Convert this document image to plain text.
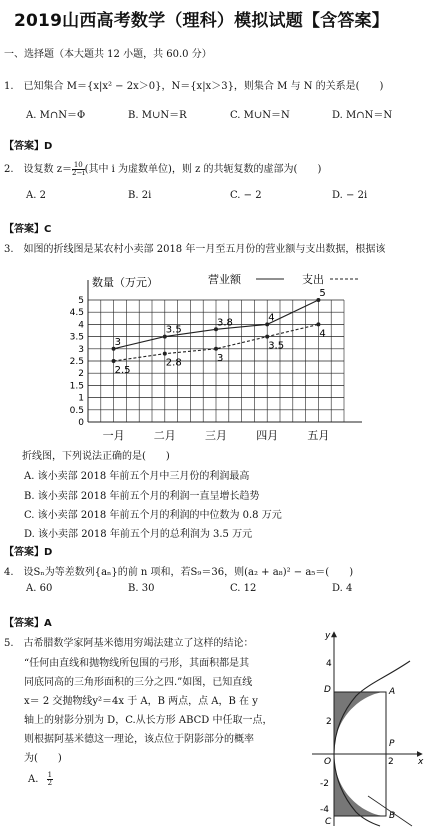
2019山西高考数学（理科）模拟试题【含答案】
一、选择题（本大题共 12 小题，共 60.0 分）
1.　已知集合 M＝{x|x² − 2x＞0}，N＝{x|x＞3}，则集合 M 与 N 的关系是(　　)
A. M∩N＝Φ	B. M∪N＝R	C. M∪N＝N	D. M∩N＝N
【答案】D
2.　设复数 $z= \frac{10}{2-i}$ (其中 i 为虚数单位)，则 z 的共轭复数的虚部为(　　)
A. 2	B. 2i	C. − 2	D. − 2i
【答案】C
3.　如图的折线图是某农村小卖部 2018 年一月至五月份的营业额与支出数据，根据该
0
0.5
1
1.5
2
2.5
3
3.5
4
4.5
5
数量（万元）
一月	二月	三月	四月	五月
营业额	支出
3
3.5
3.8	4
5
2.5
2.8	3
3.5
4
折线图，下列说法正确的是(　　)
A. 该小卖部 2018 年前五个月中三月份的利润最高
B. 该小卖部 2018 年前五个月的利润一直呈增长趋势
C. 该小卖部 2018 年前五个月的利润的中位数为 0.8 万元
D. 该小卖部 2018 年前五个月的总利润为 3.5 万元
【答案】D
4.　设Sₙ为等差数列{aₙ}的前 n 项和，若S₉＝36，则(a₂ + a₈)² − a₅＝(　　)
A. 60	B. 30	C. 12	D. 4
【答案】A
5.　古希腊数学家阿基米德用穷竭法建立了这样的结论：
“任何由直线和抛物线所包围的弓形，其面积都是其
同底同高的三角形面积的三分之四.”如图，已知直线
x＝ 2 交抛物线y²＝4x 于 A，B 两点，点 A，B 在 y
轴上的射影分别为 D，C.从长方形 ABCD 中任取一点，
则根据阿基米德这一理论，该点位于阴影部分的概率
为(　　)
A. $\frac{1}{2}$
y
x
O
A
B
C
D
P
4
2
-2
-4
2
